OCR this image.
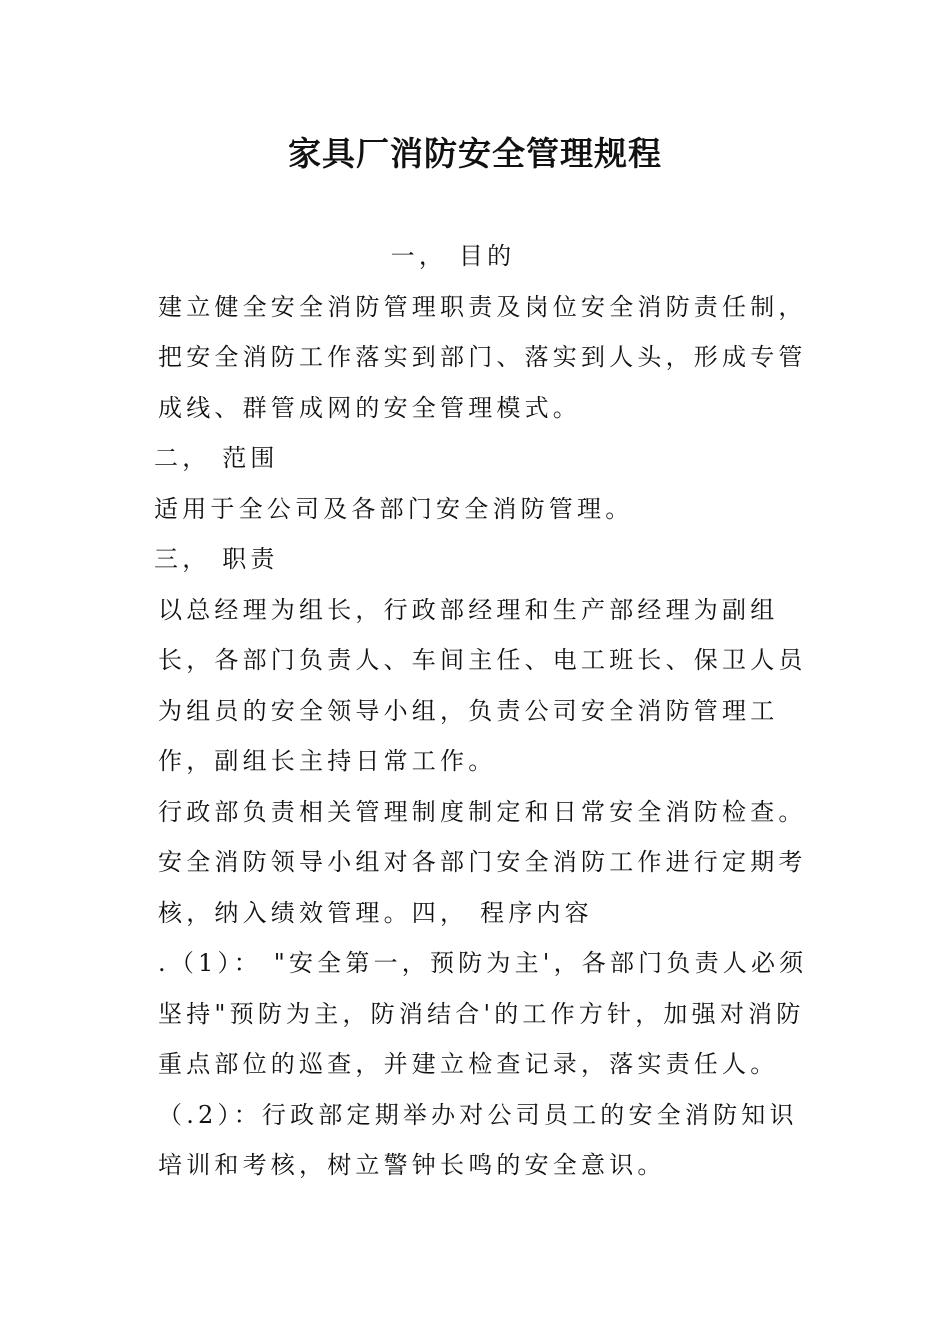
家具厂消防安全管理规程

一， 目的

建立健全安全消防管理职责及岗位安全消防责任制，把安全消防工作落实到部门、落实到人头，形成专管成线、群管成网的安全管理模式。

二， 范围

适用于全公司及各部门安全消防管理。

三， 职责

以总经理为组长，行政部经理和生产部经理为副组长，各部门负责人、车间主任、电工班长、保卫人员为组员的安全领导小组，负责公司安全消防管理工作，副组长主持日常工作。

行政部负责相关管理制度制定和日常安全消防检查。

安全消防领导小组对各部门安全消防工作进行定期考核，纳入绩效管理。四， 程序内容

.（1）： "安全第一，预防为主'，各部门负责人必须坚持"预防为主，防消结合'的工作方针，加强对消防重点部位的巡查，并建立检查记录，落实责任人。

（.2）：行政部定期举办对公司员工的安全消防知识培训和考核，树立警钟长鸣的安全意识。
